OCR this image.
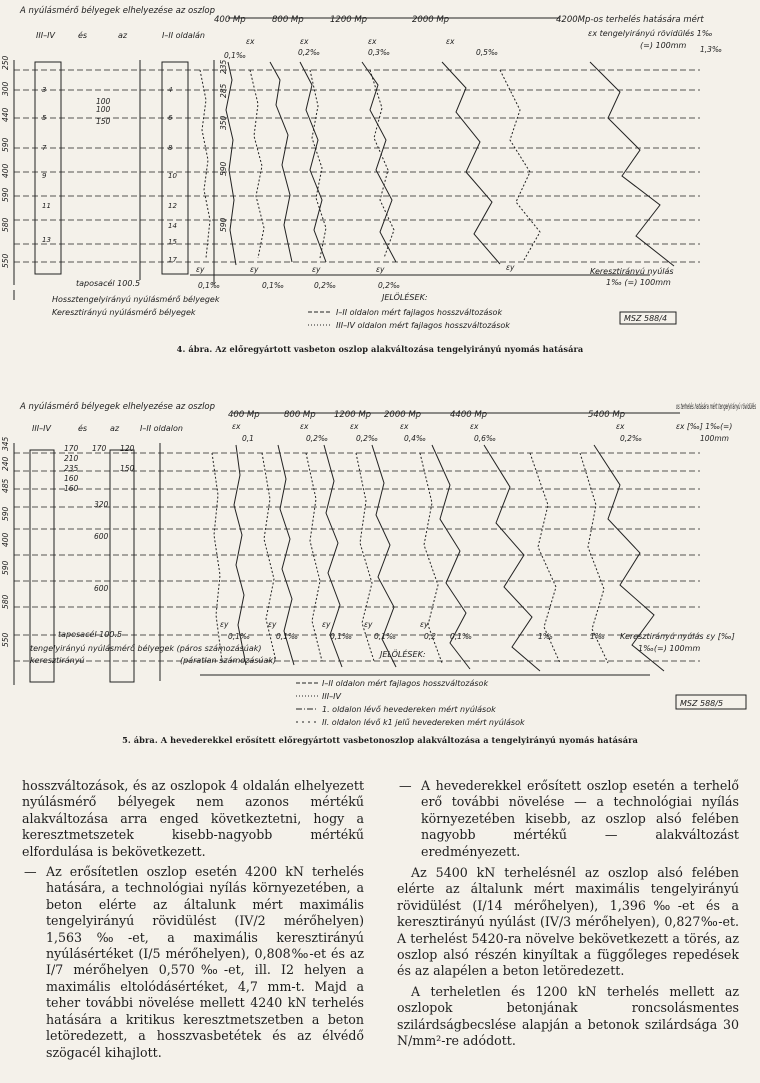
A nyúlásmérő bélyegek elhelyezése az oszlop
III–IV	és	az	I–II oldalán
400 Mp	800 Mp	1200 Mp	2000 Mp	4200Mp-os terhelés hatására mért
εx tengelyirányú rövidülés 1‰
(=) 100mm
εx	εx	εx	εx
0,1‰	0,2‰	0,3‰	0,5‰	1,3‰
εy	εy	εy	εy	εy
0,1‰	0,1‰	0,2‰	0,2‰
Keresztirányú nyúlás
1‰ (=) 100mm
250
300
440
590
400
590
580
550
235
285
350
590
590
100
100
150
3
5
7
9
11
13
4
6
8
10
12
14
15
17
taposacél 100.5
Hossztengelyirányú nyúlásmérő bélyegek
Keresztirányú nyúlásmérő bélyegek
JELÖLÉSEK:
I–II oldalon mért fajlagos hosszváltozások
III–IV oldalon mért fajlagos hosszváltozások
MSZ 588/4
4. ábra. Az előregyártott vasbeton oszlop alakváltozása tengelyirányú nyomás hatására
A nyúlásmérő bélyegek elhelyezése az oszlop
III–IV	és	az	I–II oldalon
400 Mp	800 Mp 1200 Mp 2000 Mp	4400 Mp	5400 Mp
os terhelés hatására mért tengelyirányú rövidülés
εx [‰] 1‰(=)
100mm
εx	εx	εx	εx	εx	εx
0,1	0,2‰	0,2‰	0,4‰	0,6‰	0,2‰
εy	εy	εy	εy	εy
0,1‰	0,1‰	0,1‰	0,1‰	0,2 0,1‰	1‰	1‰ Keresztirányú nyúlás εy [‰]
1‰(=) 100mm
345
240
485
590
400
590
580
550
170
210
235
160
160
320
600
600
170 120
150
taposacél 100.5
tengelyirányú nyúlásmérő bélyegek (páros számozásúak)
keresztirányú	(páratlan számozásúak)
JELÖLÉSEK:
I–II oldalon mért fajlagos hosszváltozások
III–IV
1. oldalon lévő hevedereken mért nyúlások
II. oldalon lévő k1 jelű hevedereken mért nyúlások
MSZ 588/5
5. ábra. A hevederekkel erősített előregyártott vasbetonoszlop alakváltozása a tengelyirányú nyomás hatására

hosszváltozások, és az oszlopok 4 oldalán elhelyezett nyúlásmérő bélyegek nem azonos mértékű alakváltozása arra enged következtetni, hogy a keresztmetszetek kisebb-nagyobb mértékű elfordulása is bekövetkezett.

— Az erősítetlen oszlop esetén 4200 kN terhelés hatására, a technológiai nyílás környezetében, a beton elérte az általunk mért maximális tengelyirányú rövidülést (IV/2 mérőhelyen) 1,563‰-et, a maximális keresztirányú nyúlásértéket (I/5 mérőhelyen), 0,808‰-et és az I/7 mérőhelyen 0,570‰-et, ill. I2 helyen a maximális eltolódásértéket, 4,7 mm-t. Majd a teher további növelése mellett 4240 kN terhelés hatására a kritikus keresztmetszetben a beton letöredezett, a hosszvasbetétek és az élvédő szögacél kihajlott.
— A hevederekkel erősített oszlop esetén a terhelő erő további növelése — a technológiai nyílás környezetében kisebb, az oszlop alsó felében nagyobb mértékű — alakváltozást eredményezett.

Az 5400 kN terhelésnél az oszlop alsó felében elérte az általunk mért maximális tengelyirányú rövidülést (I/14 mérőhelyen), 1,396‰-et és a keresztirányú nyúlást (IV/3 mérőhelyen), 0,827‰-et. A terhelést 5420-ra növelve bekövetkezett a törés, az oszlop alsó részén kinyíltak a függőleges repedések és az alapélen a beton letöredezett.

A terheletlen és 1200 kN terhelés mellett az oszlopok betonjának roncsolásmentes szilárdságbecslése alapján a betonok szilárdsága 30 N/mm²-re adódott.
